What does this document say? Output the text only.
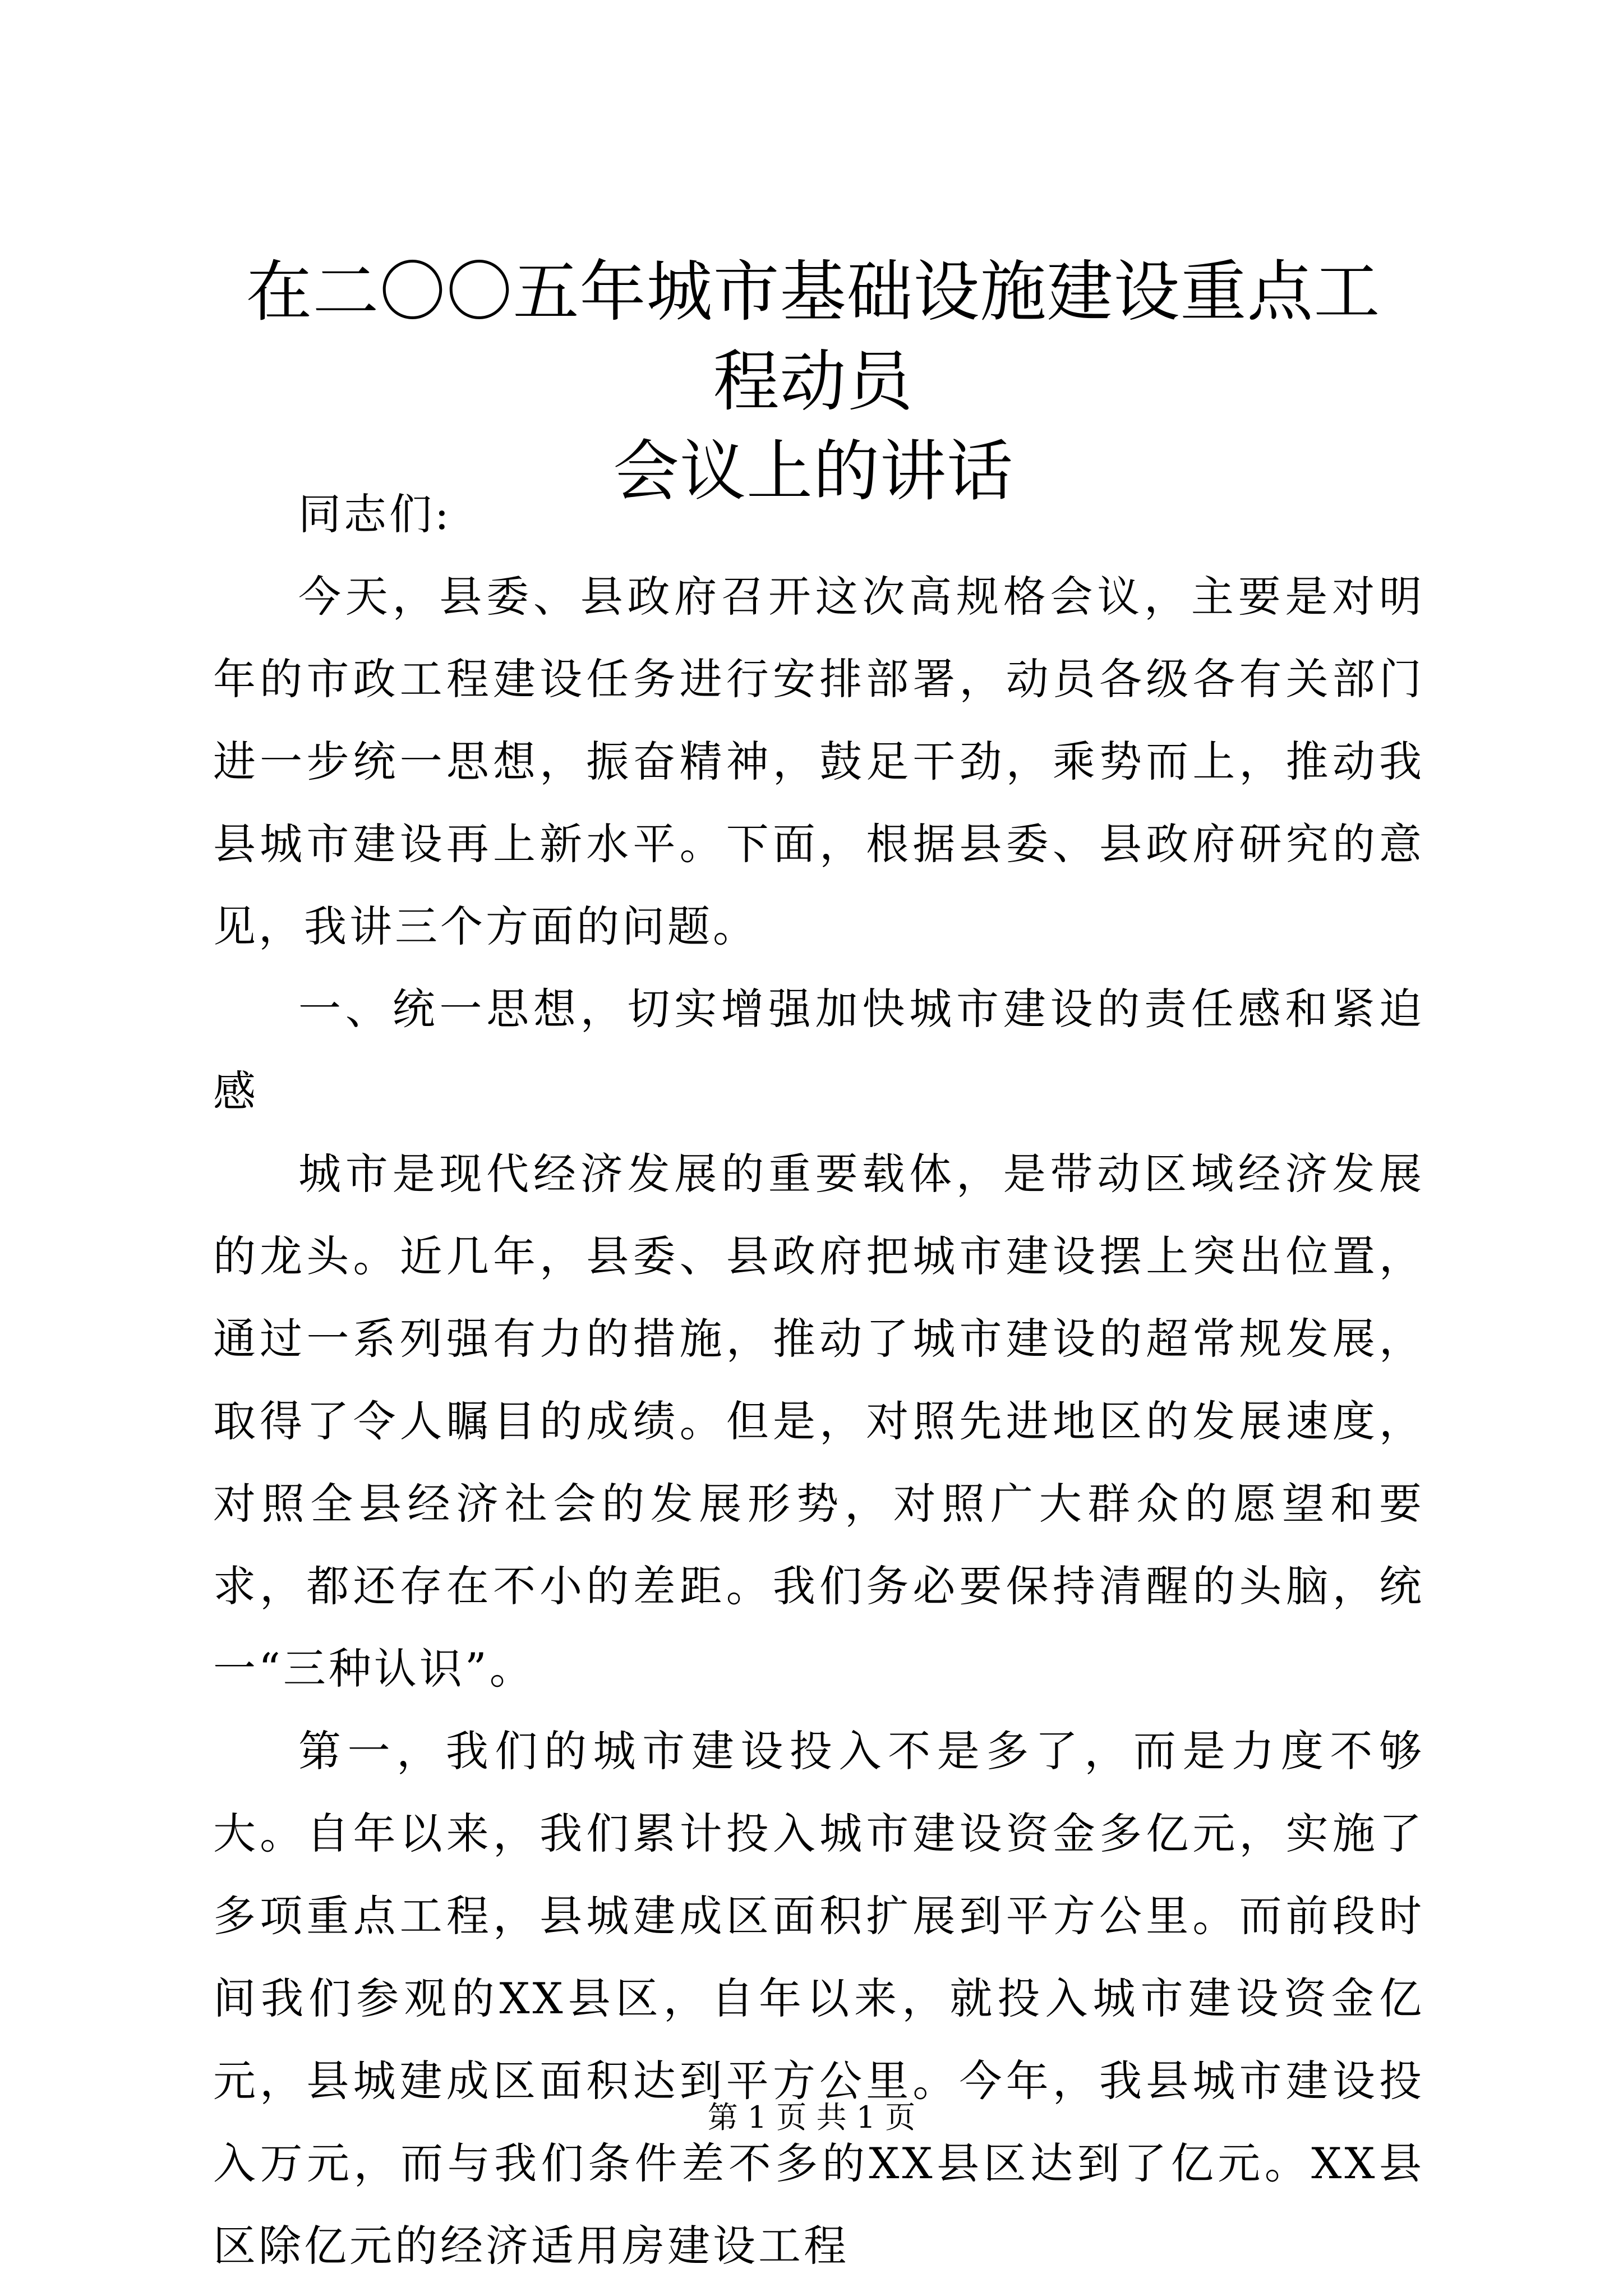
在二〇〇五年城市基础设施建设重点工程动员
会议上的讲话

同志们:

今天，县委、县政府召开这次高规格会议，主要是对明年的市政工程建设任务进行安排部署，动员各级各有关部门进一步统一思想，振奋精神，鼓足干劲，乘势而上，推动我县城市建设再上新水平。下面，根据县委、县政府研究的意见，我讲三个方面的问题。

一、统一思想，切实增强加快城市建设的责任感和紧迫感

城市是现代经济发展的重要载体，是带动区域经济发展的龙头。近几年，县委、县政府把城市建设摆上突出位置，通过一系列强有力的措施，推动了城市建设的超常规发展，取得了令人瞩目的成绩。但是，对照先进地区的发展速度，对照全县经济社会的发展形势，对照广大群众的愿望和要求，都还存在不小的差距。我们务必要保持清醒的头脑，统一“三种认识”。

第一，我们的城市建设投入不是多了，而是力度不够大。自年以来，我们累计投入城市建设资金多亿元，实施了多项重点工程，县城建成区面积扩展到平方公里。而前段时间我们参观的XX县区，自年以来，就投入城市建设资金亿元，县城建成区面积达到平方公里。今年，我县城市建设投入万元，而与我们条件差不多的XX县区达到了亿元。XX县区除亿元的经济适用房建设工程

第 1 页 共 1 页
